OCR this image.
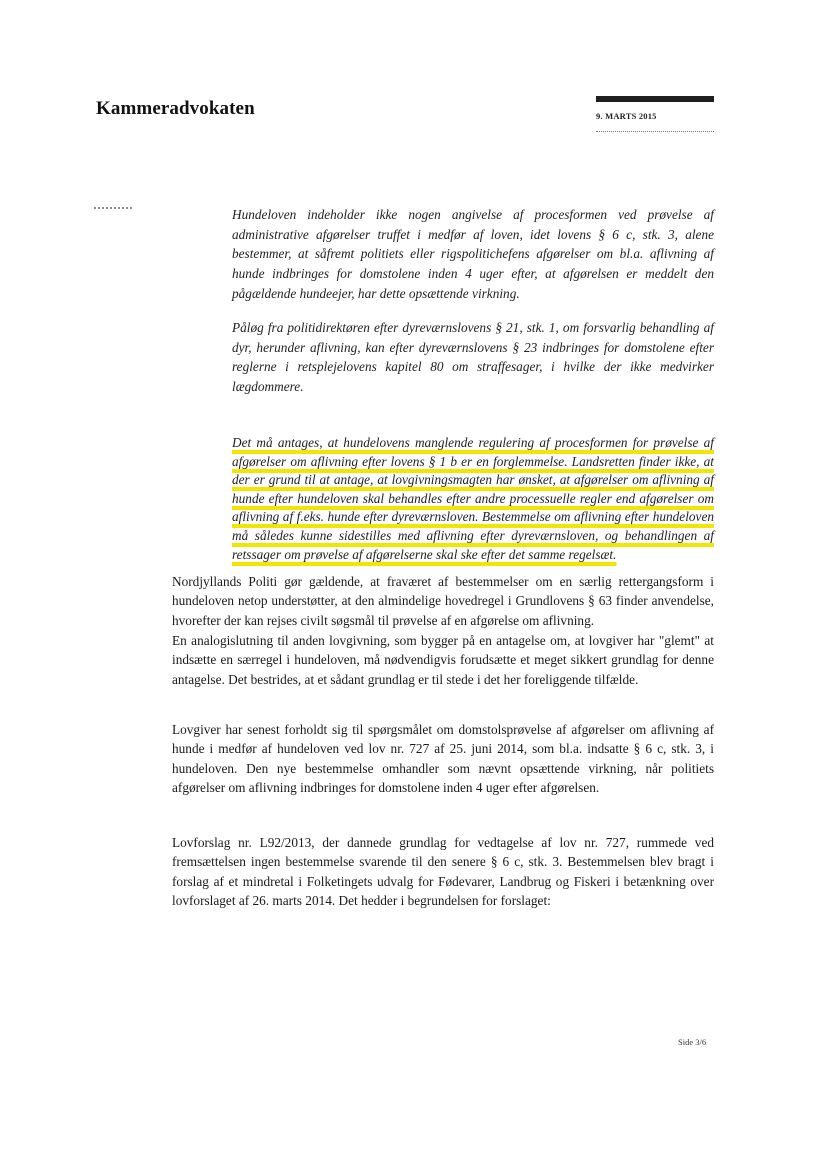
Kammeradvokaten	9. MARTS 2015
Hundeloven indeholder ikke nogen angivelse af procesformen ved prøvelse af administrative afgørelser truffet i medfør af loven, idet lovens § 6 c, stk. 3, alene bestemmer, at såfremt politiets eller rigspolitichefens afgørelser om bl.a. aflivning af hunde indbringes for domstolene inden 4 uger efter, at afgørelsen er meddelt den pågældende hundeejer, har dette opsættende virkning.
Påløg fra politidirektøren efter dyreværnslovens § 21, stk. 1, om forsvarlig behandling af dyr, herunder aflivning, kan efter dyreværnslovens § 23 indbringes for domstolene efter reglerne i retsplejelovens kapitel 80 om straffesager, i hvilke der ikke medvirker lægdommere.
Det må antages, at hundelovens manglende regulering af procesformen for prøvelse af afgørelser om aflivning efter lovens § 1 b er en forglemmelse. Landsretten finder ikke, at der er grund til at antage, at lovgivningsmagten har ønsket, at afgørelser om aflivning af hunde efter hundeloven skal behandles efter andre processuelle regler end afgørelser om aflivning af f.eks. hunde efter dyreværnsloven. Bestemmelse om aflivning efter hundeloven må således kunne sidestilles med aflivning efter dyreværnsloven, og behandlingen af retssager om prøvelse af afgørelserne skal ske efter det samme regelsæt.
Nordjyllands Politi gør gældende, at fraværet af bestemmelser om en særlig rettergangsform i hundeloven netop understøtter, at den almindelige hovedregel i Grundlovens § 63 finder anvendelse, hvorefter der kan rejses civilt søgsmål til prøvelse af en afgørelse om aflivning.
En analogislutning til anden lovgivning, som bygger på en antagelse om, at lovgiver har "glemt" at indsætte en særregel i hundeloven, må nødvendigvis forudsætte et meget sikkert grundlag for denne antagelse. Det bestrides, at et sådant grundlag er til stede i det her foreliggende tilfælde.
Lovgiver har senest forholdt sig til spørgsmålet om domstolsprøvelse af afgørelser om aflivning af hunde i medfør af hundeloven ved lov nr. 727 af 25. juni 2014, som bl.a. indsatte § 6 c, stk. 3, i hundeloven. Den nye bestemmelse omhandler som nævnt opsættende virkning, når politiets afgørelser om aflivning indbringes for domstolene inden 4 uger efter afgørelsen.
Lovforslag nr. L92/2013, der dannede grundlag for vedtagelse af lov nr. 727, rummede ved fremsættelsen ingen bestemmelse svarende til den senere § 6 c, stk. 3. Bestemmelsen blev bragt i forslag af et mindretal i Folketingets udvalg for Fødevarer, Landbrug og Fiskeri i betænkning over lovforslaget af 26. marts 2014. Det hedder i begrundelsen for forslaget:
Side 3/6
